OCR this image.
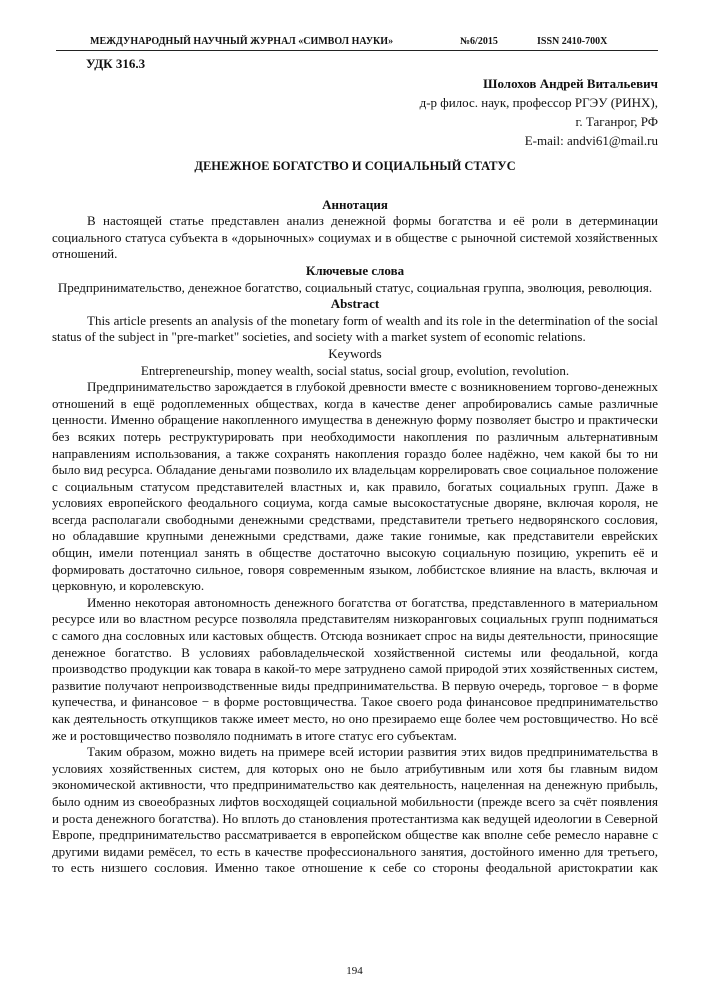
МЕЖДУНАРОДНЫЙ НАУЧНЫЙ ЖУРНАЛ «СИМВОЛ НАУКИ»	№6/2015	ISSN 2410-700Х
УДК 316.3
Шолохов Андрей Витальевич
д-р филос. наук, профессор РГЭУ (РИНХ),
г. Таганрог, РФ
E-mail: andvi61@mail.ru
ДЕНЕЖНОЕ БОГАТСТВО И СОЦИАЛЬНЫЙ СТАТУС
Аннотация

В настоящей статье представлен анализ денежной формы богатства и её роли в детерминации социального статуса субъекта в «дорыночных» социумах и в обществе с рыночной системой хозяйственных отношений.

Ключевые слова

Предпринимательство, денежное богатство, социальный статус, социальная группа, эволюция, революция.

Abstract

This article presents an analysis of the monetary form of wealth and its role in the determination of the social status of the subject in "pre-market" societies, and society with a market system of economic relations.

Keywords

Entrepreneurship, money wealth, social status, social group, evolution, revolution.

Предпринимательство зарождается в глубокой древности вместе с возникновением торгово-денежных отношений в ещё родоплеменных обществах, когда в качестве денег апробировались самые различные ценности. Именно обращение накопленного имущества в денежную форму позволяет быстро и практически без всяких потерь реструктурировать при необходимости накопления по различным альтернативным направлениям использования, а также сохранять накопления гораздо более надёжно, чем какой бы то ни было вид ресурса. Обладание деньгами позволило их владельцам коррелировать свое социальное положение с социальным статусом представителей властных и, как правило, богатых социальных групп. Даже в условиях европейского феодального социума, когда самые высокостатусные дворяне, включая короля, не всегда располагали свободными денежными средствами, представители третьего недворянского сословия, но обладавшие крупными денежными средствами, даже такие гонимые, как представители еврейских общин, имели потенциал занять в обществе достаточно высокую социальную позицию, укрепить её и формировать достаточно сильное, говоря современным языком, лоббистское влияние на власть, включая и церковную, и королевскую.

Именно некоторая автономность денежного богатства от богатства, представленного в материальном ресурсе или во властном ресурсе позволяла представителям низкоранговых социальных групп подниматься с самого дна сословных или кастовых обществ. Отсюда возникает спрос на виды деятельности, приносящие денежное богатство. В условиях рабовладельческой хозяйственной системы или феодальной, когда производство продукции как товара в какой-то мере затруднено самой природой этих хозяйственных систем, развитие получают непроизводственные виды предпринимательства. В первую очередь, торговое − в форме купечества, и финансовое − в форме ростовщичества. Такое своего рода финансовое предпринимательство как деятельность откупщиков также имеет место, но оно презираемо еще более чем ростовщичество. Но всё же и ростовщичество позволяло поднимать в итоге статус его субъектам.

Таким образом, можно видеть на примере всей истории развития этих видов предпринимательства в условиях хозяйственных систем, для которых оно не было атрибутивным или хотя бы главным видом экономической активности, что предпринимательство как деятельность, нацеленная на денежную прибыль, было одним из своеобразных лифтов восходящей социальной мобильности (прежде всего за счёт появления и роста денежного богатства). Но вплоть до становления протестантизма как ведущей идеологии в Северной Европе, предпринимательство рассматривается в европейском обществе как вполне себе ремесло наравне с другими видами ремёсел, то есть в качестве профессионального занятия, достойного именно для третьего, то есть низшего сословия. Именно такое отношение к себе со стороны феодальной аристократии как

194
